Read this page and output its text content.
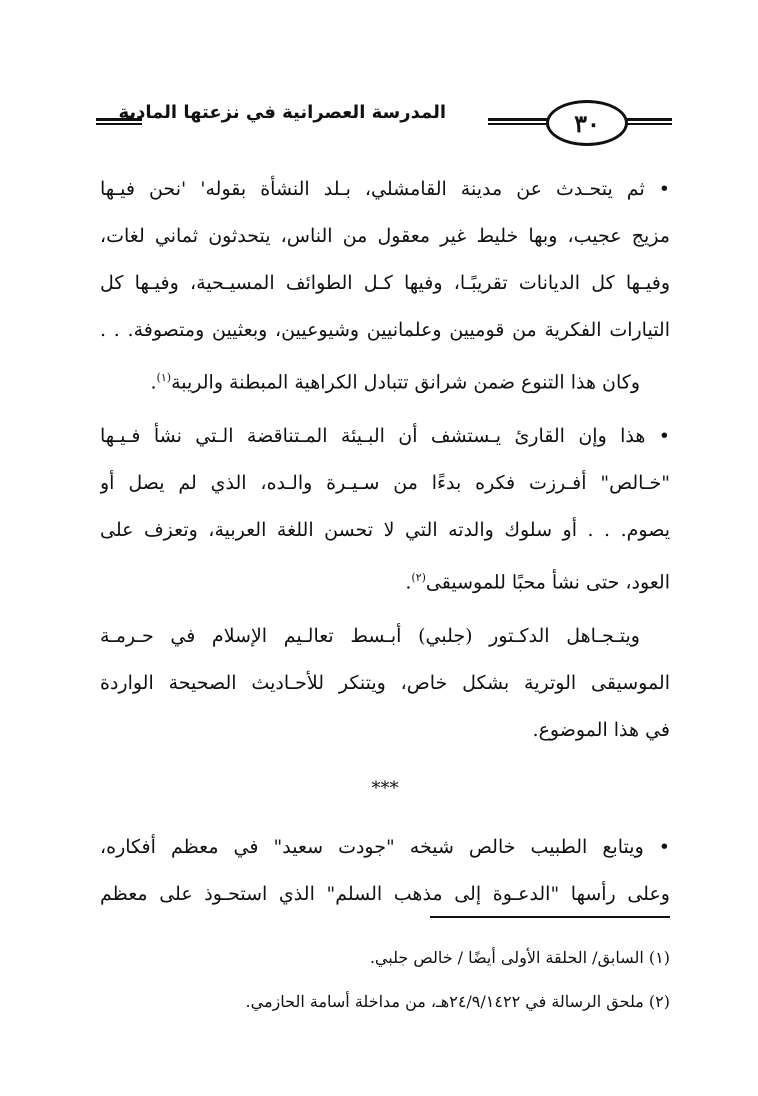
المدرسة العصرانية في نزعتها المادية	٣٠
• ثم يتحـدث عن مدينة القامشلي، بـلد النشأة بقوله' 'نحن فيـها
مزيج عجيب، وبها خليط غير معقول من الناس، يتحدثون ثماني لغات،
وفيـها كل الديانات تقريبًـا، وفيها كـل الطوائف المسيـحية، وفيـها كل
التيارات الفكرية من قوميين وعلمانيين وشيوعيين، وبعثيين ومتصوفة. . .
وكان هذا التنوع ضمن شرانق تتبادل الكراهية المبطنة والريبة$^{(١)}$.
• هذا وإن القارئ يـستشف أن البـيئة المـتناقضة الـتي نشأ فـيـها
"خـالص" أفـرزت فكره بدءًا من سـيـرة والـده، الذي لم يصل أو
يصوم. . . أو سلوك والدته التي لا تحسن اللغة العربية، وتعزف على
العود، حتى نشأ محبًا للموسيقى$^{(٢)}$.
ويتـجـاهل الدكـتور (جلبي) أبـسط تعالـيم الإسلام في حـرمـة
الموسيقى الوترية بشكل خاص، ويتنكر للأحـاديث الصحيحة الواردة
في هذا الموضوع.
***
• ويتابع الطبيب خالص شيخه "جودت سعيد" في معظم أفكاره،
وعلى رأسها "الدعـوة إلى مذهب السلم" الذي استحـوذ على معظم
(١) السابق/ الحلقة الأولى أيضًا / خالص جلبي.
(٢) ملحق الرسالة في ٢٤/٩/١٤٢٢هـ، من مداخلة أسامة الحازمي.
